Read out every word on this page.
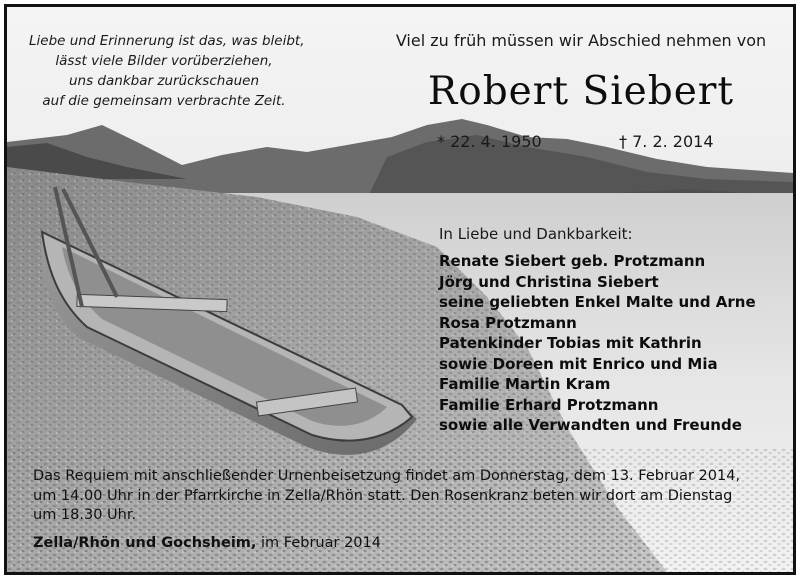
Liebe und Erinnerung ist das, was bleibt,
lässt viele Bilder vorüberziehen,
uns dankbar zurückschauen
auf die gemeinsam verbrachte Zeit.
Viel zu früh müssen wir Abschied nehmen von
Robert Siebert
* 22. 4. 1950	† 7. 2. 2014
In Liebe und Dankbarkeit:
Renate Siebert geb. Protzmann
Jörg und Christina Siebert
seine geliebten Enkel Malte und Arne
Rosa Protzmann
Patenkinder Tobias mit Kathrin
sowie Doreen mit Enrico und Mia
Familie Martin Kram
Familie Erhard Protzmann
sowie alle Verwandten und Freunde
Das Requiem mit anschließender Urnenbeisetzung findet am Donnerstag, dem 13. Februar 2014,
um 14.00 Uhr in der Pfarrkirche in Zella/Rhön statt. Den Rosenkranz beten wir dort am Dienstag
um 18.30 Uhr.
Zella/Rhön und Gochsheim, im Februar 2014
